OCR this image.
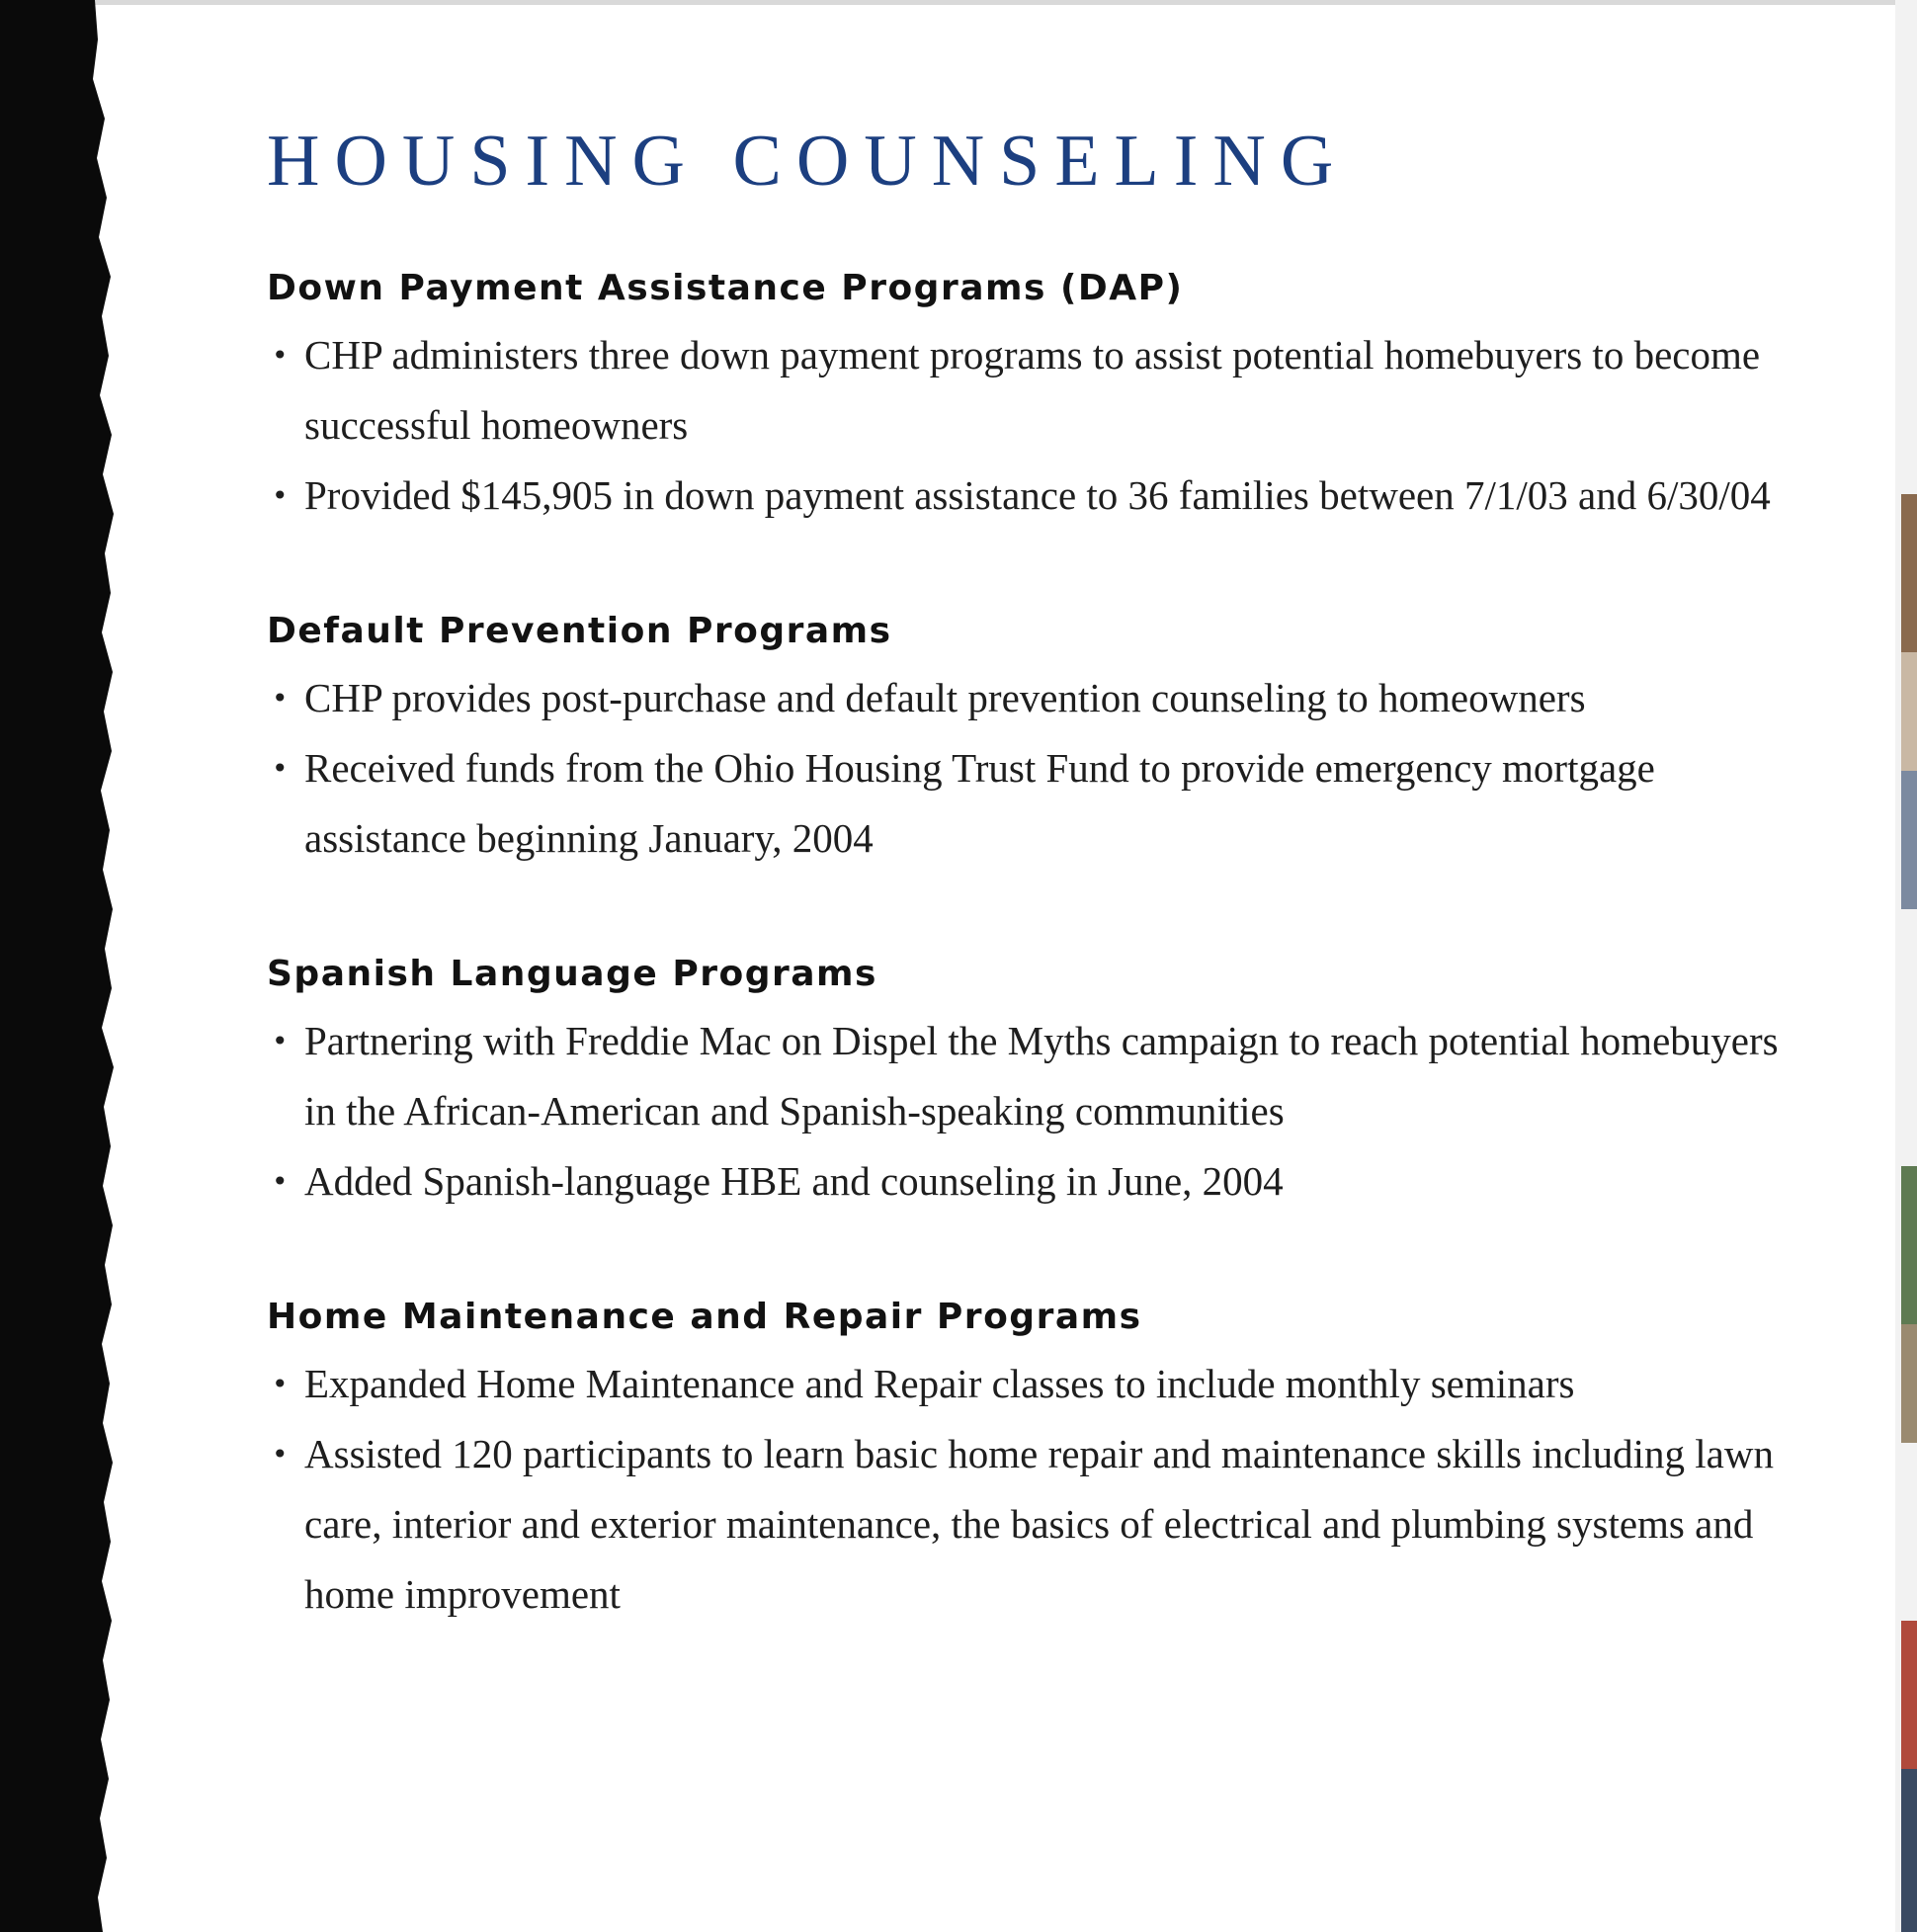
HOUSING COUNSELING
Down Payment Assistance Programs (DAP)
• CHP administers three down payment programs to assist potential homebuyers to become successful homeowners
• Provided $145,905 in down payment assistance to 36 families between 7/1/03 and 6/30/04
Default Prevention Programs
• CHP provides post-purchase and default prevention counseling to homeowners
• Received funds from the Ohio Housing Trust Fund to provide emergency mortgage assistance beginning January, 2004
Spanish Language Programs
• Partnering with Freddie Mac on Dispel the Myths campaign to reach potential homebuyers in the African-American and Spanish-speaking communities
• Added Spanish-language HBE and counseling in June, 2004
Home Maintenance and Repair Programs
• Expanded Home Maintenance and Repair classes to include monthly seminars
• Assisted 120 participants to learn basic home repair and maintenance skills including lawn care, interior and exterior maintenance, the basics of electrical and plumbing systems and home improvement
